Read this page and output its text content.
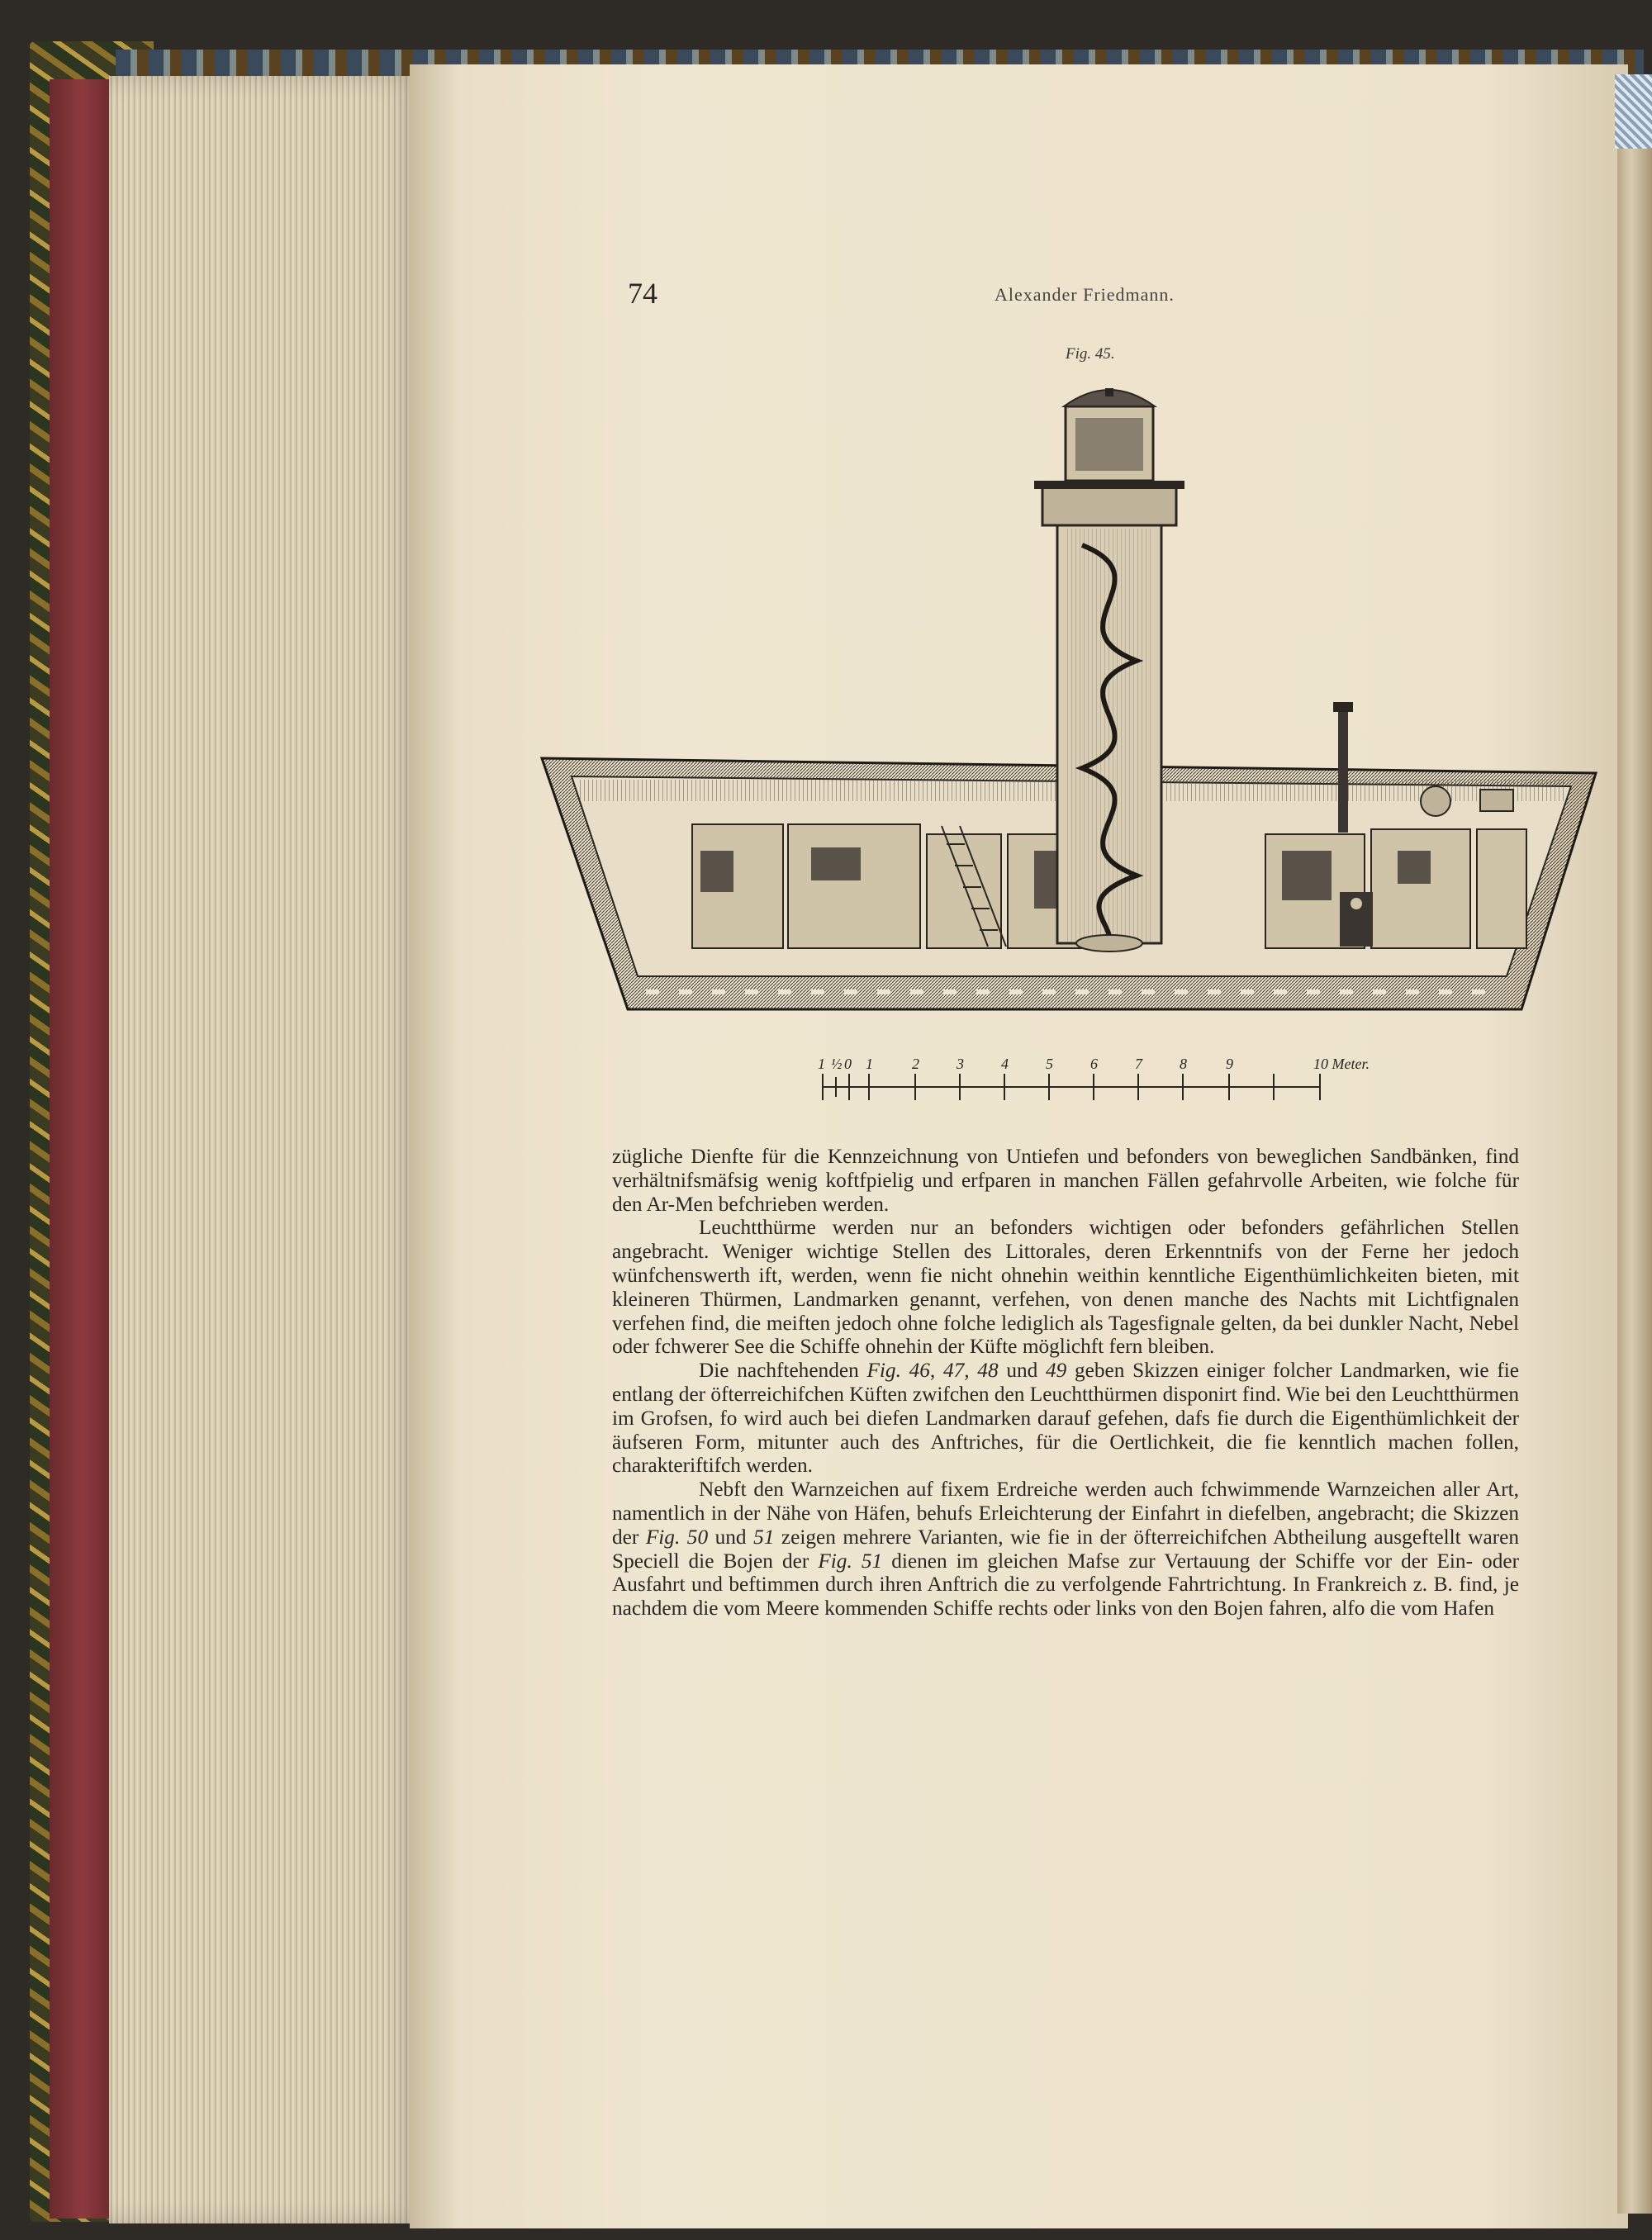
74	Alexander Friedmann.
Fig. 45.
1 ½ 0 1	2	3	4	5	6	7	8	9	10 Meter.

zügliche Dienfte für die Kennzeichnung von Untiefen und befonders von beweglichen Sandbänken, find verhältnifsmäfsig wenig koftfpielig und erfparen in manchen Fällen gefahrvolle Arbeiten, wie folche für den Ar-Men befchrieben werden.

Leuchtthürme werden nur an befonders wichtigen oder befonders gefährlichen Stellen angebracht. Weniger wichtige Stellen des Littorales, deren Erkenntnifs von der Ferne her jedoch wünfchenswerth ift, werden, wenn fie nicht ohnehin weithin kenntliche Eigenthümlichkeiten bieten, mit kleineren Thürmen, Landmarken genannt, verfehen, von denen manche des Nachts mit Lichtfignalen verfehen find, die meiften jedoch ohne folche lediglich als Tagesfignale gelten, da bei dunkler Nacht, Nebel oder fchwerer See die Schiffe ohnehin der Küfte möglichft fern bleiben.

Die nachftehenden Fig. 46, 47, 48 und 49 geben Skizzen einiger folcher Landmarken, wie fie entlang der öfterreichifchen Küften zwifchen den Leuchtthürmen disponirt find. Wie bei den Leuchtthürmen im Grofsen, fo wird auch bei diefen Landmarken darauf gefehen, dafs fie durch die Eigenthümlichkeit der äufseren Form, mitunter auch des Anftriches, für die Oertlichkeit, die fie kenntlich machen follen, charakteriftifch werden.

Nebft den Warnzeichen auf fixem Erdreiche werden auch fchwimmende Warnzeichen aller Art, namentlich in der Nähe von Häfen, behufs Erleichterung der Einfahrt in diefelben, angebracht; die Skizzen der Fig. 50 und 51 zeigen mehrere Varianten, wie fie in der öfterreichifchen Abtheilung ausgeftellt waren Speciell die Bojen der Fig. 51 dienen im gleichen Mafse zur Vertauung der Schiffe vor der Ein- oder Ausfahrt und beftimmen durch ihren Anftrich die zu verfolgende Fahrtrichtung. In Frankreich z. B. find, je nachdem die vom Meere kommenden Schiffe rechts oder links von den Bojen fahren, alfo die vom Hafen
